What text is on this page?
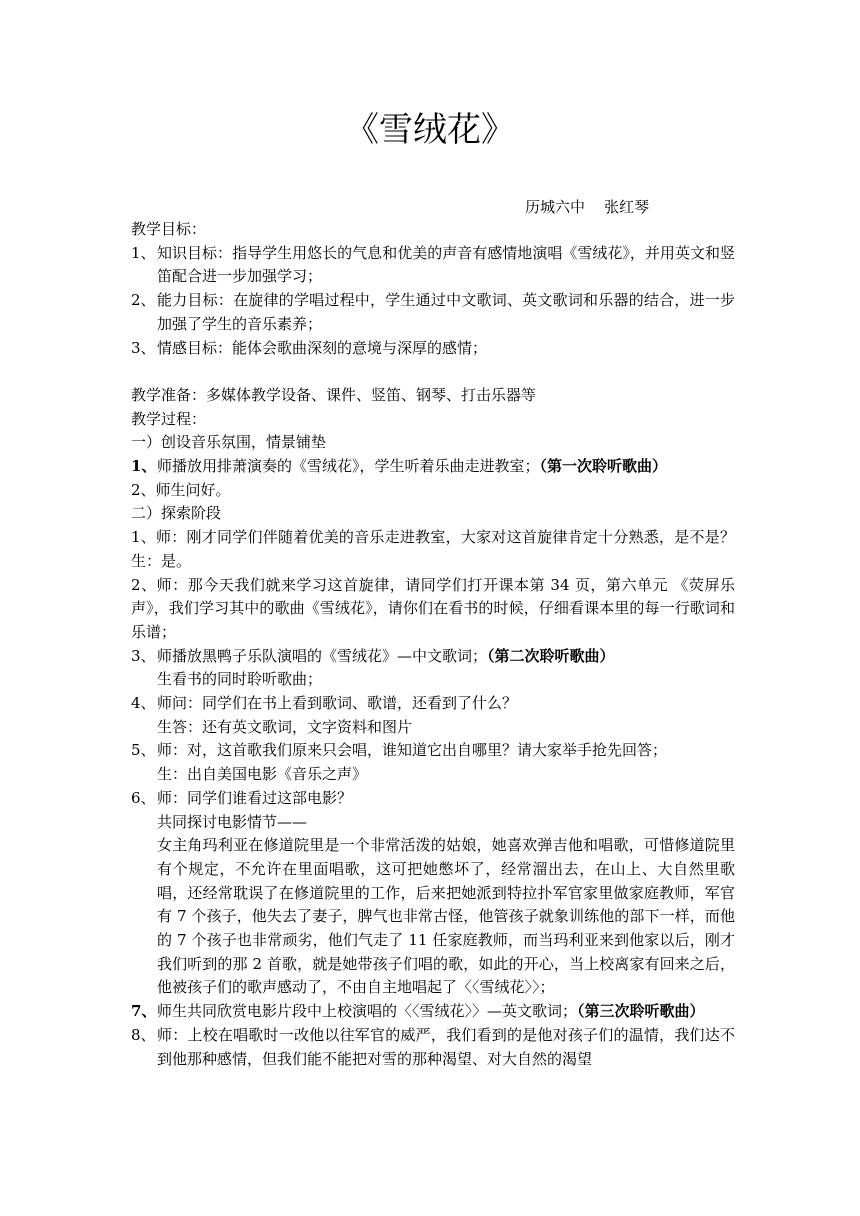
《雪绒花》
历城六中    张红琴

教学目标：

1、 知识目标：指导学生用悠长的气息和优美的声音有感情地演唱《雪绒花》，并用英文和竖笛配合进一步加强学习；
2、 能力目标：在旋律的学唱过程中，学生通过中文歌词、英文歌词和乐器的结合，进一步加强了学生的音乐素养；
3、 情感目标：能体会歌曲深刻的意境与深厚的感情；

教学准备：多媒体教学设备、课件、竖笛、钢琴、打击乐器等

教学过程：

一）创设音乐氛围，情景铺垫

1、 师播放用排萧演奏的《雪绒花》，学生听着乐曲走进教室；（第一次聆听歌曲）

2、师生问好。

二）探索阶段

1、师：刚才同学们伴随着优美的音乐走进教室，大家对这首旋律肯定十分熟悉，是不是？        生：是。

2、师：那今天我们就来学习这首旋律，请同学们打开课本第 34 页，第六单元 《荧屏乐声》，我们学习其中的歌曲《雪绒花》，请你们在看书的时候，仔细看课本里的每一行歌词和乐谱；

3、 师播放黑鸭子乐队演唱的《雪绒花》—中文歌词；（第二次聆听歌曲）

生看书的同时聆听歌曲；

4、 师问：同学们在书上看到歌词、歌谱，还看到了什么？

生答：还有英文歌词，文字资料和图片

5、 师：对，这首歌我们原来只会唱，谁知道它出自哪里？请大家举手抢先回答；

生：出自美国电影《音乐之声》

6、 师：同学们谁看过这部电影？

共同探讨电影情节——

女主角玛利亚在修道院里是一个非常活泼的姑娘，她喜欢弹吉他和唱歌，可惜修道院里有个规定，不允许在里面唱歌，这可把她憋坏了，经常溜出去，在山上、大自然里歌唱，还经常耽误了在修道院里的工作，后来把她派到特拉扑军官家里做家庭教师，军官有 7 个孩子，他失去了妻子，脾气也非常古怪，他管孩子就象训练他的部下一样，而他的 7 个孩子也非常顽劣，他们气走了 11 任家庭教师，而当玛利亚来到他家以后，刚才我们听到的那 2 首歌，就是她带孩子们唱的歌，如此的开心，当上校离家有回来之后，他被孩子们的歌声感动了，不由自主地唱起了〈〈雪绒花〉〉；

7、 师生共同欣赏电影片段中上校演唱的〈〈雪绒花〉〉—英文歌词；（第三次聆听歌曲）
8、 师：上校在唱歌时一改他以往军官的威严，我们看到的是他对孩子们的温情，我们达不到他那种感情，但我们能不能把对雪的那种渴望、对大自然的渴望
